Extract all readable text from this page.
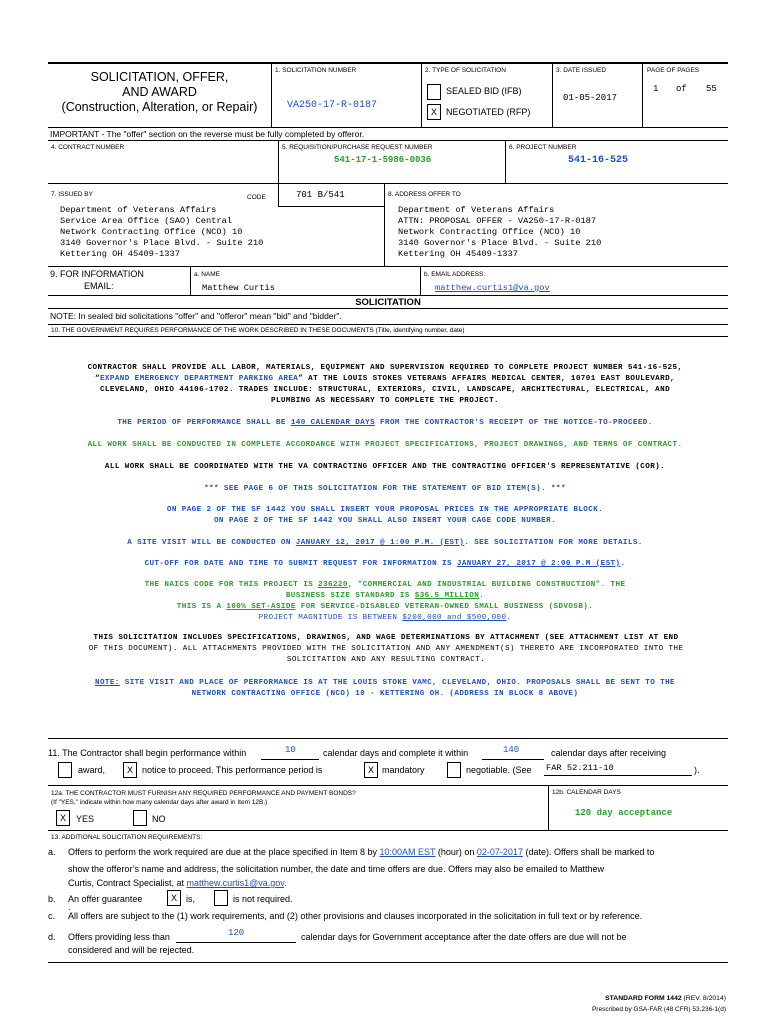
SOLICITATION, OFFER,
AND AWARD
(Construction, Alteration, or Repair)
1. SOLICITATION NUMBER
VA250-17-R-0187
2. TYPE OF SOLICITATION
SEALED BID (IFB)
X	NEGOTIATED (RFP)
3. DATE ISSUED
01-05-2017
PAGE OF PAGES
1 of 55
IMPORTANT - The "offer" section on the reverse must be fully completed by offeror.
4. CONTRACT NUMBER	5. REQUISITION/PURCHASE REQUEST NUMBER
541-17-1-5986-0036
6. PROJECT NUMBER
541-16-525
7. ISSUED BY	CODE	701 B/541
Department of Veterans Affairs
Service Area Office (SAO) Central
Network Contracting Office (NCO) 10
3140 Governor's Place Blvd. - Suite 210
Kettering OH 45409-1337
8. ADDRESS OFFER TO
Department of Veterans Affairs
ATTN: PROPOSAL OFFER - VA250-17-R-0187
Network Contracting Office (NCO) 10
3140 Governor's Place Blvd. - Suite 210
Kettering OH 45409-1337
9. FOR INFORMATION
EMAIL:
a. NAME
Matthew Curtis
b. EMAIL ADDRESS:
matthew.curtis1@va.gov
SOLICITATION
NOTE: In sealed bid solicitations "offer" and "offeror" mean "bid" and "bidder".
10. THE GOVERNMENT REQUIRES PERFORMANCE OF THE WORK DESCRIBED IN THESE DOCUMENTS (Title, identifying number, date)
CONTRACTOR SHALL PROVIDE ALL LABOR, MATERIALS, EQUIPMENT AND SUPERVISION REQUIRED TO COMPLETE PROJECT NUMBER 541-16-525,
“EXPAND EMERGENCY DEPARTMENT PARKING AREA” AT THE LOUIS STOKES VETERANS AFFAIRS MEDICAL CENTER, 10701 EAST BOULEVARD,
CLEVELAND, OHIO 44106-1702. TRADES INCLUDE: STRUCTURAL, EXTERIORS, CIVIL, LANDSCAPE, ARCHITECTURAL, ELECTRICAL, AND
PLUMBING AS NECESSARY TO COMPLETE THE PROJECT.
THE PERIOD OF PERFORMANCE SHALL BE 140 CALENDAR DAYS FROM THE CONTRACTOR'S RECEIPT OF THE NOTICE-TO-PROCEED.
ALL WORK SHALL BE CONDUCTED IN COMPLETE ACCORDANCE WITH PROJECT SPECIFICATIONS, PROJECT DRAWINGS, AND TERMS OF CONTRACT.
ALL WORK SHALL BE COORDINATED WITH THE VA CONTRACTING OFFICER AND THE CONTRACTING OFFICER'S REPRESENTATIVE (COR).
*** SEE PAGE 6 OF THIS SOLICITATION FOR THE STATEMENT OF BID ITEM(S). ***
ON PAGE 2 OF THE SF 1442 YOU SHALL INSERT YOUR PROPOSAL PRICES IN THE APPROPRIATE BLOCK.
ON PAGE 2 OF THE SF 1442 YOU SHALL ALSO INSERT YOUR CAGE CODE NUMBER.
A SITE VISIT WILL BE CONDUCTED ON JANUARY 12, 2017 @ 1:00 P.M. (EST). SEE SOLICITATION FOR MORE DETAILS.
CUT-OFF FOR DATE AND TIME TO SUBMIT REQUEST FOR INFORMATION IS JANUARY 27, 2017 @ 2:00 P.M (EST).
THE NAICS CODE FOR THIS PROJECT IS 236220, "COMMERCIAL AND INDUSTRIAL BUILDING CONSTRUCTION". THE
BUSINESS SIZE STANDARD IS $36.5 MILLION.
THIS IS A 100% SET-ASIDE FOR SERVICE-DISABLED VETERAN-OWNED SMALL BUSINESS (SDVOSB).
PROJECT MAGNITUDE IS BETWEEN $200,000 and $500,000.
THIS SOLICITATION INCLUDES SPECIFICATIONS, DRAWINGS, AND WAGE DETERMINATIONS BY ATTACHMENT (SEE ATTACHMENT LIST AT END
OF THIS DOCUMENT). ALL ATTACHMENTS PROVIDED WITH THE SOLICITATION AND ANY AMENDMENT(S) THERETO ARE INCORPORATED INTO THE
SOLICITATION AND ANY RESULTING CONTRACT.
NOTE: SITE VISIT AND PLACE OF PERFORMANCE IS AT THE LOUIS STOKE VAMC, CLEVELAND, OHIO. PROPOSALS SHALL BE SENT TO THE
NETWORK CONTRACTING OFFICE (NCO) 10 - KETTERING OH. (ADDRESS IN BLOCK 8 ABOVE)
11. The Contractor shall begin performance within	10	calendar days and complete it within	140	calendar days after receiving
award,	X	notice to proceed. This performance period is	X mandatory	negotiable. (See FAR 52.211-10	).
12a. THE CONTRACTOR MUST FURNISH ANY REQUIRED PERFORMANCE AND PAYMENT BONDS?
(If "YES," indicate within how many calendar days after award in Item 12B.)
X	YES	NO
12b. CALENDAR DAYS
120 day acceptance
13. ADDITIONAL SOLICITATION REQUIREMENTS:
a. Offers to perform the work required are due at the place specified in Item 8 by 10:00AM EST (hour) on 02-07-2017 (date). Offers shall be marked to
show the offeror’s name and address, the solicitation number, the date and time offers are due. Offers may also be emailed to Matthew
Curtis, Contract Specialist, at matthew.curtis1@va.gov.
b. An offer guarantee	X	is,	is not required.
.
c. All offers are subject to the (1) work requirements, and (2) other provisions and clauses incorporated in the solicitation in full text or by reference.
d. Offers providing less than	120	calendar days for Government acceptance after the date offers are due will not be
considered and will be rejected.
STANDARD FORM 1442 (REV. 8/2014)
Prescribed by GSA-FAR (48 CFR) 53.236-1(d)
